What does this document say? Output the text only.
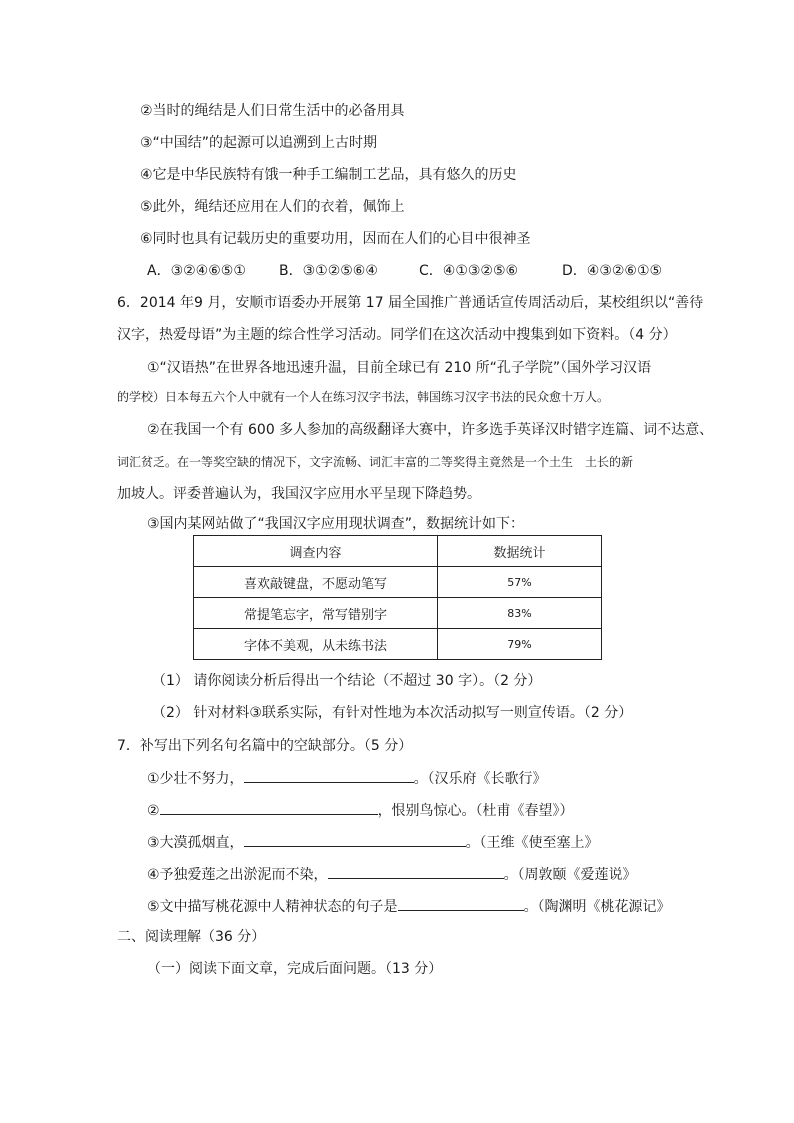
②当时的绳结是人们日常生活中的必备用具
③“中国结”的起源可以追溯到上古时期
④它是中华民族特有饿一种手工编制工艺品，具有悠久的历史
⑤此外，绳结还应用在人们的衣着，佩饰上
⑥同时也具有记载历史的重要功用，因而在人们的心目中很神圣
A．③②④⑥⑤① B．③①②⑤⑥④	C．④①③②⑤⑥	D．④③②⑥①⑤
6．2014 年9 月，安顺市语委办开展第 17 届全国推广普通话宣传周活动后，某校组织以“善待
汉字，热爱母语”为主题的综合性学习活动。同学们在这次活动中搜集到如下资料。（4 分）
①“汉语热”在世界各地迅速升温，目前全球已有 210 所“孔子学院”（国外学习汉语
的学校）日本每五六个人中就有一个人在练习汉字书法，韩国练习汉字书法的民众愈十万人。
②在我国一个有 600 多人参加的高级翻译大赛中，许多选手英译汉时错字连篇、词不达意、
词汇贫乏。在一等奖空缺的情况下，文字流畅、词汇丰富的二等奖得主竟然是一个土生　土长的新
加坡人。评委普遍认为，我国汉字应用水平呈现下降趋势。
③国内某网站做了“我国汉字应用现状调查”，数据统计如下：
调查内容	数据统计
喜欢敲键盘，不愿动笔写	57%
常提笔忘字，常写错别字	83%
字体不美观，从未练书法	79%
（1） 请你阅读分析后得出一个结论（不超过 30 字）。（2 分）
（2） 针对材料③联系实际，有针对性地为本次活动拟写一则宣传语。（2 分）
7．补写出下列名句名篇中的空缺部分。（5 分）
①少壮不努力，	。（汉乐府《长歌行》
②	，恨别鸟惊心。（杜甫《春望》）
③大漠孤烟直，	。（王维《使至塞上》
④予独爱莲之出淤泥而不染，	。（周敦颐《爱莲说》
⑤文中描写桃花源中人精神状态的句子是	。（陶渊明《桃花源记》
二、阅读理解（36 分）
（一）阅读下面文章，完成后面问题。（13 分）
